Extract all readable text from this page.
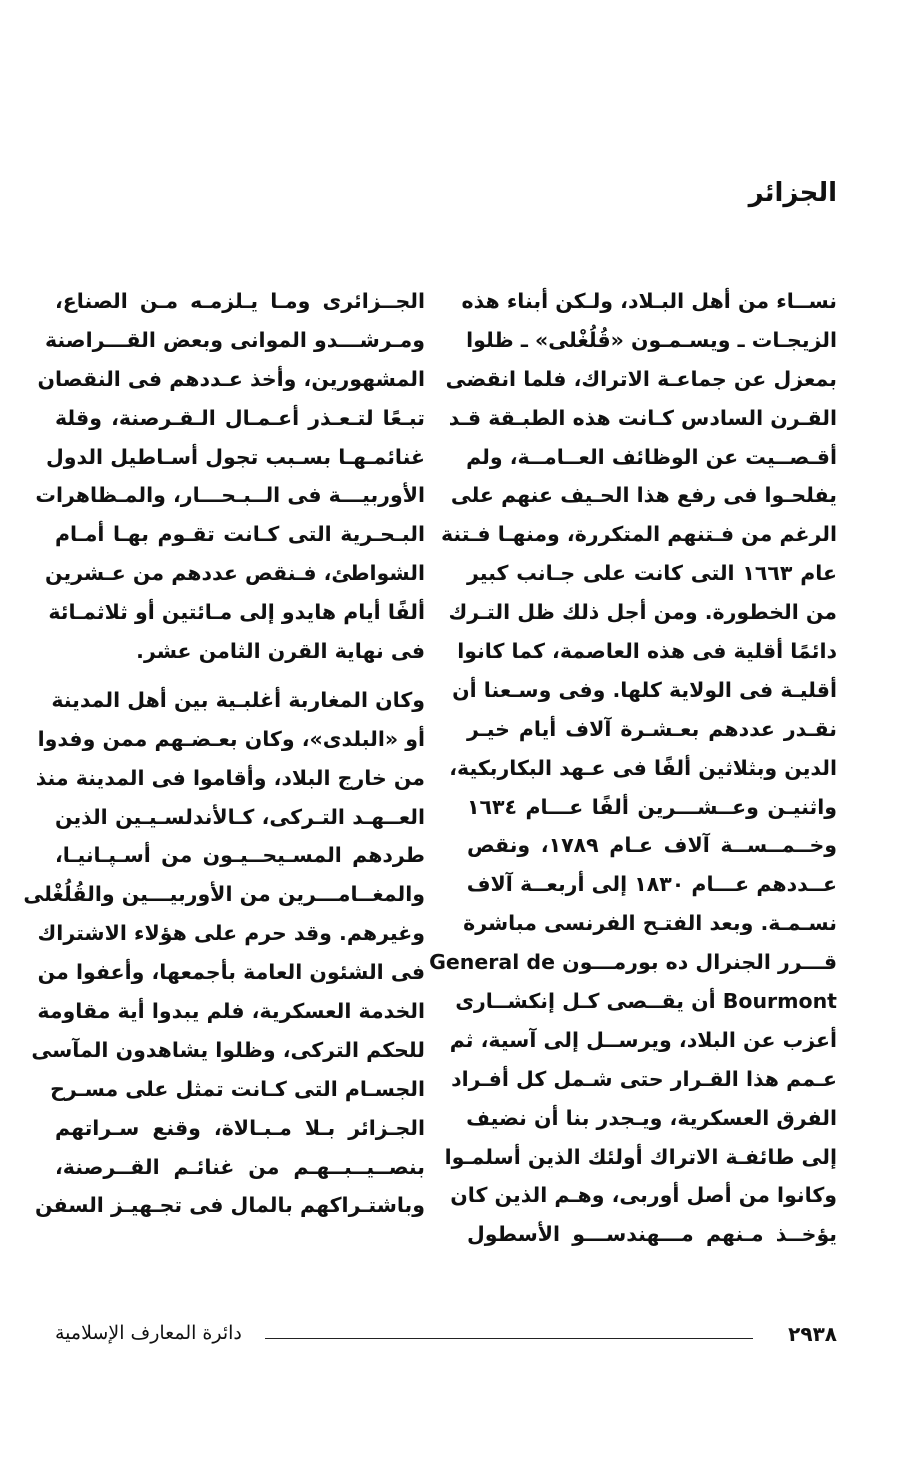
الجزائر
نســاء من أهل البـلاد، ولـكن أبناء هذه
الزيجـات ـ ويسـمـون «قُلُغْلى» ـ ظلوا
بمعزل عن جماعـة الاتراك، فلما انقضى
القـرن السادس كـانت هذه الطبـقة قـد
أقـصــيت عن الوظائف العــامــة، ولم
يفلحـوا فى رفع هذا الحـيف عنهم على
الرغم من فـتنهم المتكررة، ومنهـا فـتنة
عام ١٦٦٣ التى كانت على جـانب كبير
من الخطورة. ومن أجل ذلك ظل التـرك
دائمًا أقلية فى هذه العاصمة، كما كانوا
أقليـة فى الولاية كلها. وفى وسـعنا أن
نقـدر عددهم بعـشـرة آلاف أيام خيـر
الدين وبثلاثين ألفًا فى عـهد البكاربكية،
واثنيـن وعــشـــرين ألفًا عـــام ١٦٣٤
وخــمــســة آلاف عـام ١٧٨٩، ونقص
عــددهم عـــام ١٨٣٠ إلى أربعــة آلاف
نسـمـة. وبعد الفتـح الفرنسى مباشرة
قـــرر الجنرال ده بورمـــون General de
Bourmont أن يقــصى كـل إنكشــارى
أعزب عن البلاد، ويرســل إلى آسية، ثم
عـمم هذا القـرار حتى شـمل كل أفـراد
الفرق العسكرية، ويـجدر بنا أن نضيف
إلى طائفـة الاتراك أولئك الذين أسلمـوا
وكانوا من أصل أوربى، وهـم الذين كان
يؤخــذ مـنهم مـــهندســـو الأسطول
الجــزائرى ومـا يـلزمـه مـن الصناع،
ومـرشـــدو الموانى وبعض القـــراصنة
المشهورين، وأخذ عـددهم فى النقصان
تبـعًا لتـعـذر أعـمـال الـقـرصنة، وقلة
غنائمـهـا بسـبب تجول أسـاطيل الدول
الأوربيـــة فى الــبـحـــار، والمـظاهرات
البـحـرية التى كـانت تقـوم بهـا أمـام
الشواطئ، فـنقص عددهم من عـشرين
ألفًا أيام هايدو إلى مـائتين أو ثلاثمـائة
فى نهاية القرن الثامن عشر.
وكان المغاربة أغلبـية بين أهل المدينة
أو «البلدى»، وكان بعـضـهم ممن وفدوا
من خارج البلاد، وأقاموا فى المدينة منذ
العــهـد التـركى، كـالأندلسـيـين الذين
طردهم المسـيحــيـون من أسـپـانيـا،
والمغــامـــرين من الأوربيـــين والقُلُغْلى
وغيرهم. وقد حرم على هؤلاء الاشتراك
فى الشئون العامة بأجمعها، وأعفوا من
الخدمة العسكرية، فلم يبدوا أية مقاومة
للحكم التركى، وظلوا يشاهدون المآسى
الجسـام التى كـانت تمثل على مسـرح
الجـزائر بـلا مـبـالاة، وقنع سـراتهم
بنصــيــبــهـم من غنائـم القــرصنة،
وباشتـراكهم بالمال فى تجـهيـز السفن
٢٩٣٨
دائرة المعارف الإسلامية
